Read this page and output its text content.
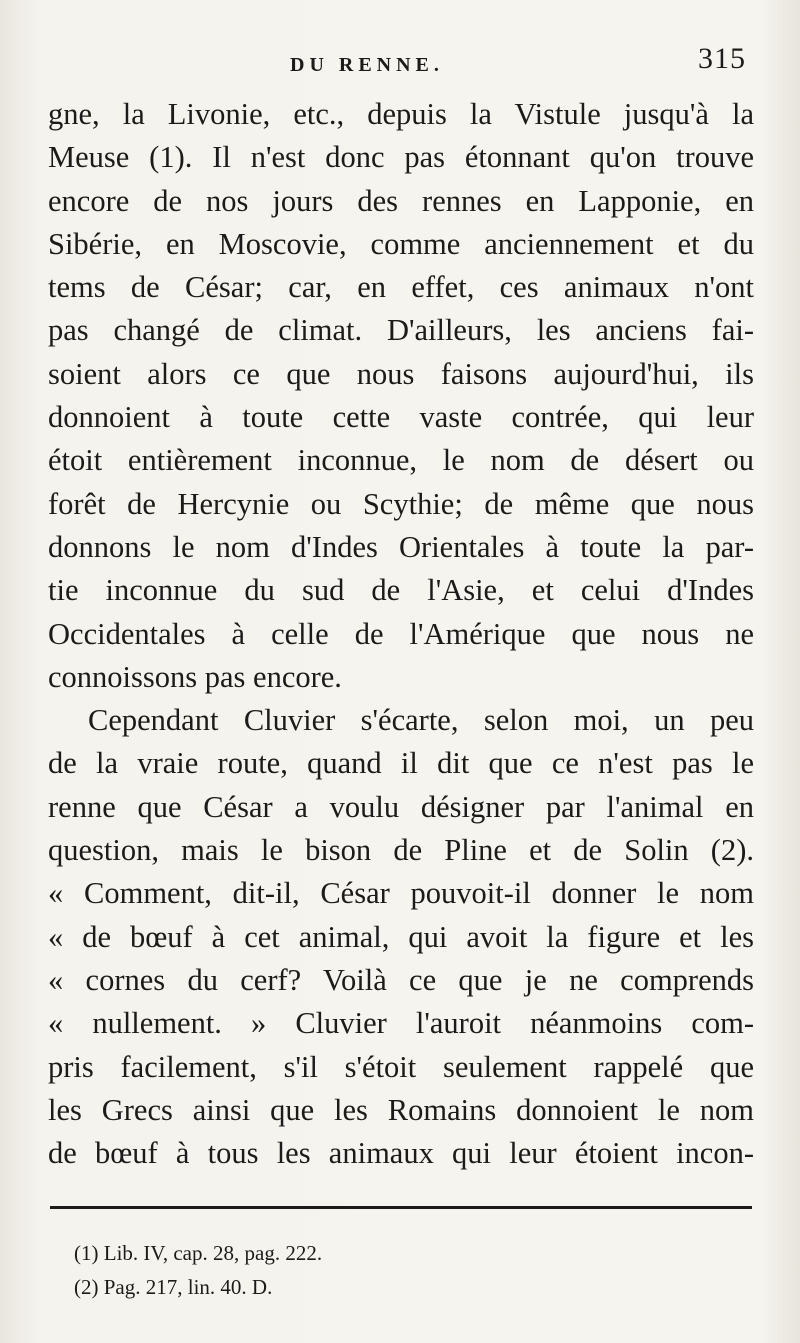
DU RENNE.	315
gne, la Livonie, etc., depuis la Vistule jusqu'à la
Meuse (1). Il n'est donc pas étonnant qu'on trouve
encore de nos jours des rennes en Lapponie, en
Sibérie, en Moscovie, comme anciennement et du
tems de César; car, en effet, ces animaux n'ont
pas changé de climat. D'ailleurs, les anciens fai-
soient alors ce que nous faisons aujourd'hui, ils
donnoient à toute cette vaste contrée, qui leur
étoit entièrement inconnue, le nom de désert ou
forêt de Hercynie ou Scythie; de même que nous
donnons le nom d'Indes Orientales à toute la par-
tie inconnue du sud de l'Asie, et celui d'Indes
Occidentales à celle de l'Amérique que nous ne
connoissons pas encore.
Cependant Cluvier s'écarte, selon moi, un peu
de la vraie route, quand il dit que ce n'est pas le
renne que César a voulu désigner par l'animal en
question, mais le bison de Pline et de Solin (2).
« Comment, dit-il, César pouvoit-il donner le nom
« de bœuf à cet animal, qui avoit la figure et les
« cornes du cerf? Voilà ce que je ne comprends
« nullement. » Cluvier l'auroit néanmoins com-
pris facilement, s'il s'étoit seulement rappelé que
les Grecs ainsi que les Romains donnoient le nom
de bœuf à tous les animaux qui leur étoient incon-
(1) Lib. IV, cap. 28, pag. 222.
(2) Pag. 217, lin. 40. D.
